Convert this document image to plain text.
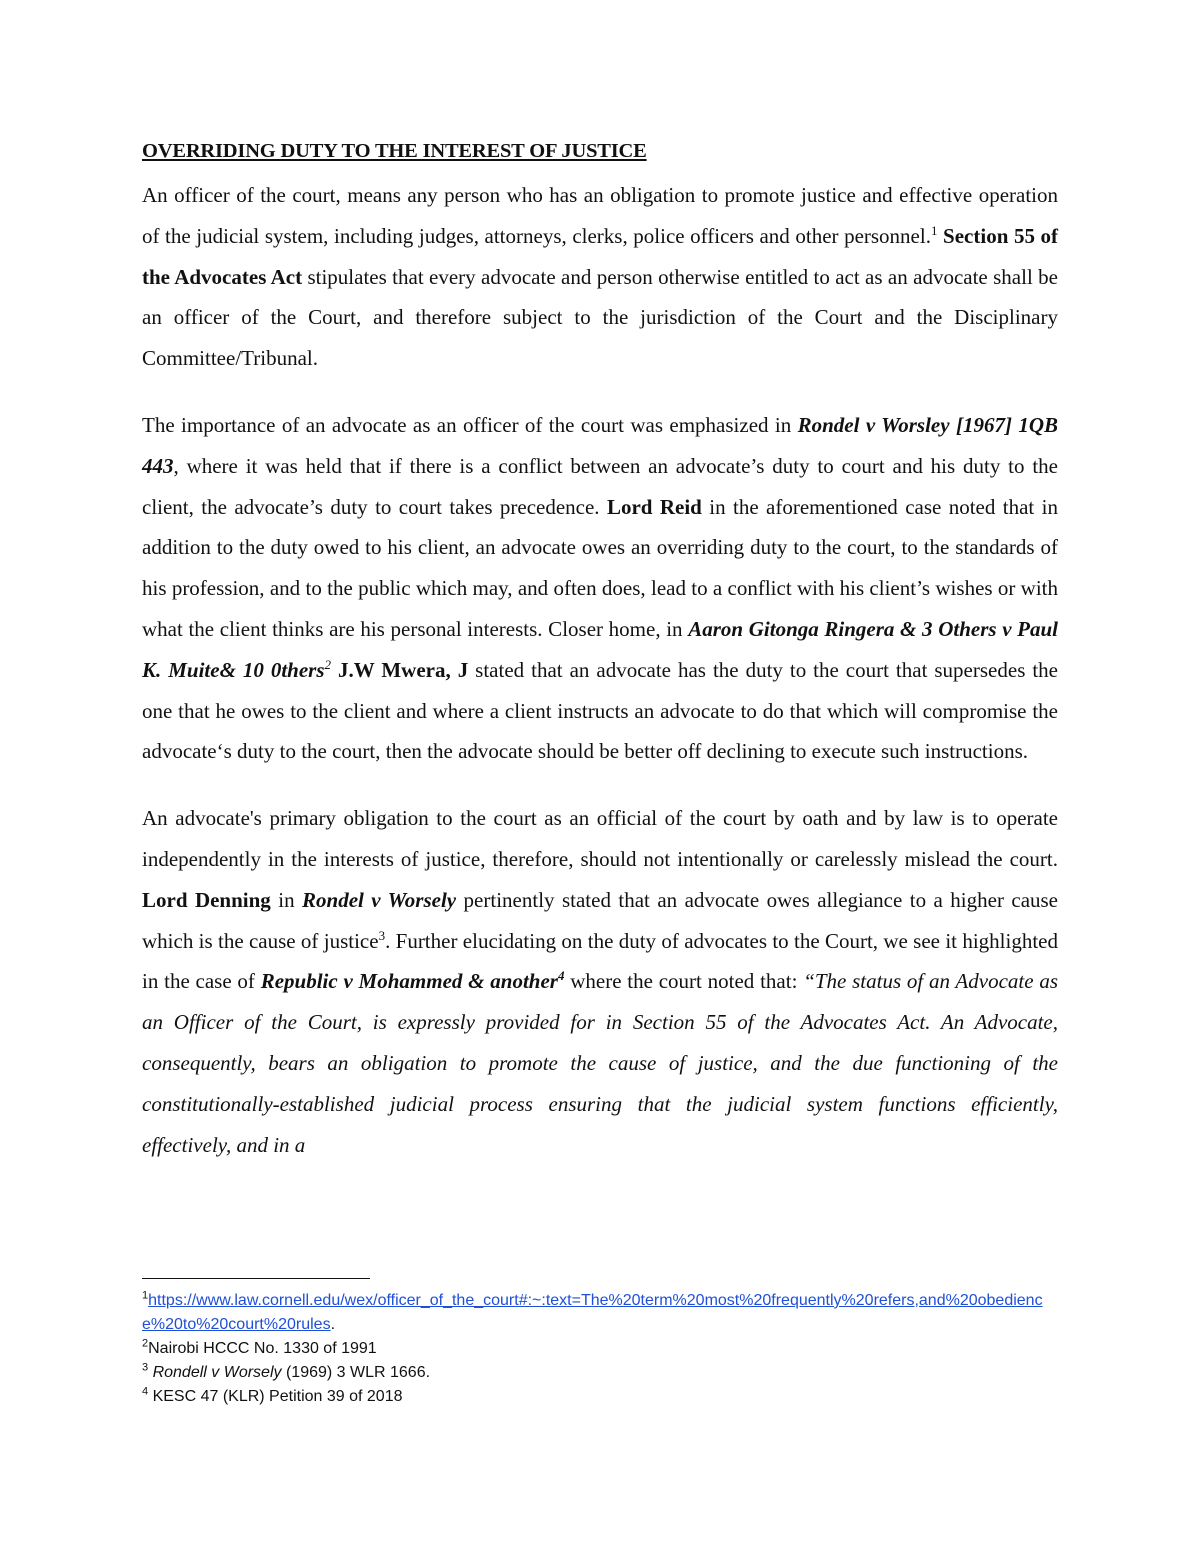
OVERRIDING DUTY TO THE INTEREST OF JUSTICE

An officer of the court, means any person who has an obligation to promote justice and effective operation of the judicial system, including judges, attorneys, clerks, police officers and other personnel.$^1$ Section 55 of the Advocates Act stipulates that every advocate and person otherwise entitled to act as an advocate shall be an officer of the Court, and therefore subject to the jurisdiction of the Court and the Disciplinary Committee/Tribunal.

The importance of an advocate as an officer of the court was emphasized in Rondel v Worsley [1967] 1QB 443, where it was held that if there is a conflict between an advocate’s duty to court and his duty to the client, the advocate’s duty to court takes precedence. Lord Reid in the aforementioned case noted that in addition to the duty owed to his client, an advocate owes an overriding duty to the court, to the standards of his profession, and to the public which may, and often does, lead to a conflict with his client’s wishes or with what the client thinks are his personal interests. Closer home, in Aaron Gitonga Ringera & 3 Others v Paul K. Muite& 10 0thers$^2$ J.W Mwera, J stated that an advocate has the duty to the court that supersedes the one that he owes to the client and where a client instructs an advocate to do that which will compromise the advocate‘s duty to the court, then the advocate should be better off declining to execute such instructions.

An advocate's primary obligation to the court as an official of the court by oath and by law is to operate independently in the interests of justice, therefore, should not intentionally or carelessly mislead the court. Lord Denning in Rondel v Worsely pertinently stated that an advocate owes allegiance to a higher cause which is the cause of justice$^3$. Further elucidating on the duty of advocates to the Court, we see it highlighted in the case of Republic v Mohammed & another$^4$ where the court noted that: “The status of an Advocate as an Officer of the Court, is expressly provided for in Section 55 of the Advocates Act. An Advocate, consequently, bears an obligation to promote the cause of justice, and the due functioning of the constitutionally-established judicial process ensuring that the judicial system functions efficiently, effectively, and in a

$^1$https://www.law.cornell.edu/wex/officer_of_the_court#:~:text=The%20term%20most%20frequently%20refers,and%20obedience%20to%20court%20rules.

$^2$Nairobi HCCC No. 1330 of 1991

$^3$ Rondell v Worsely (1969) 3 WLR 1666.

$^4$ KESC 47 (KLR) Petition 39 of 2018
